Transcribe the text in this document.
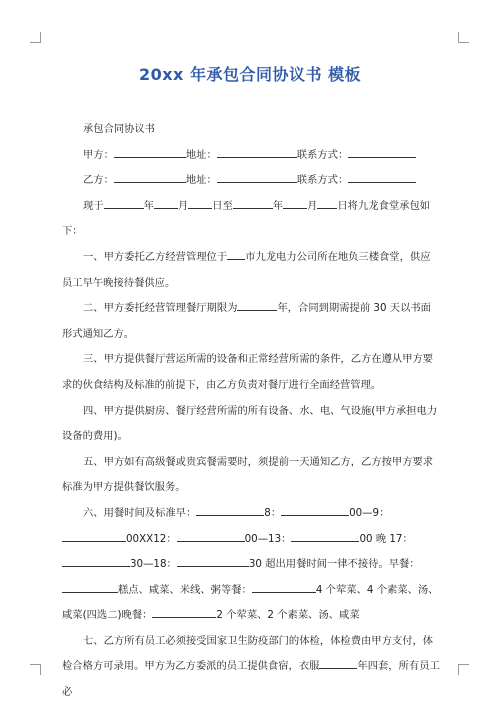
20xx 年承包合同协议书 模板

承包合同协议书

甲方：	地址：	联系方式：

乙方：	地址：	联系方式：

现于	年 月 日至	年 月 日将九龙食堂承包如下：

一、甲方委托乙方经营管理位于 市九龙电力公司所在地负三楼食堂，供应员工早午晚接待餐供应。

二、甲方委托经营管理餐厅期限为	年，合同到期需提前 30 天以书面形式通知乙方。

三、甲方提供餐厅营运所需的设备和正常经营所需的条件，乙方在遵从甲方要求的伙食结构及标准的前提下，由乙方负责对餐厅进行全面经营管理。

四、甲方提供厨房、餐厅经营所需的所有设备、水、电、气设施(甲方承担电力设备的费用)。

五、甲方如有高级餐或贵宾餐需要时，须提前一天通知乙方，乙方按甲方要求标准为甲方提供餐饮服务。

六、用餐时间及标准早：	8：	00—9：00XX12：	00—13：	00 晚 17：30—18：	30 超出用餐时间一律不接待。早餐：糕点、咸菜、米线、粥等餐：	4 个荤菜、4 个素菜、汤、咸菜(四选二)晚餐：	2 个荤菜、2 个素菜、汤、咸菜

七、乙方所有员工必须接受国家卫生防疫部门的体检，体检费由甲方支付，体检合格方可录用。甲方为乙方委派的员工提供食宿，衣服	年四套，所有员工必
